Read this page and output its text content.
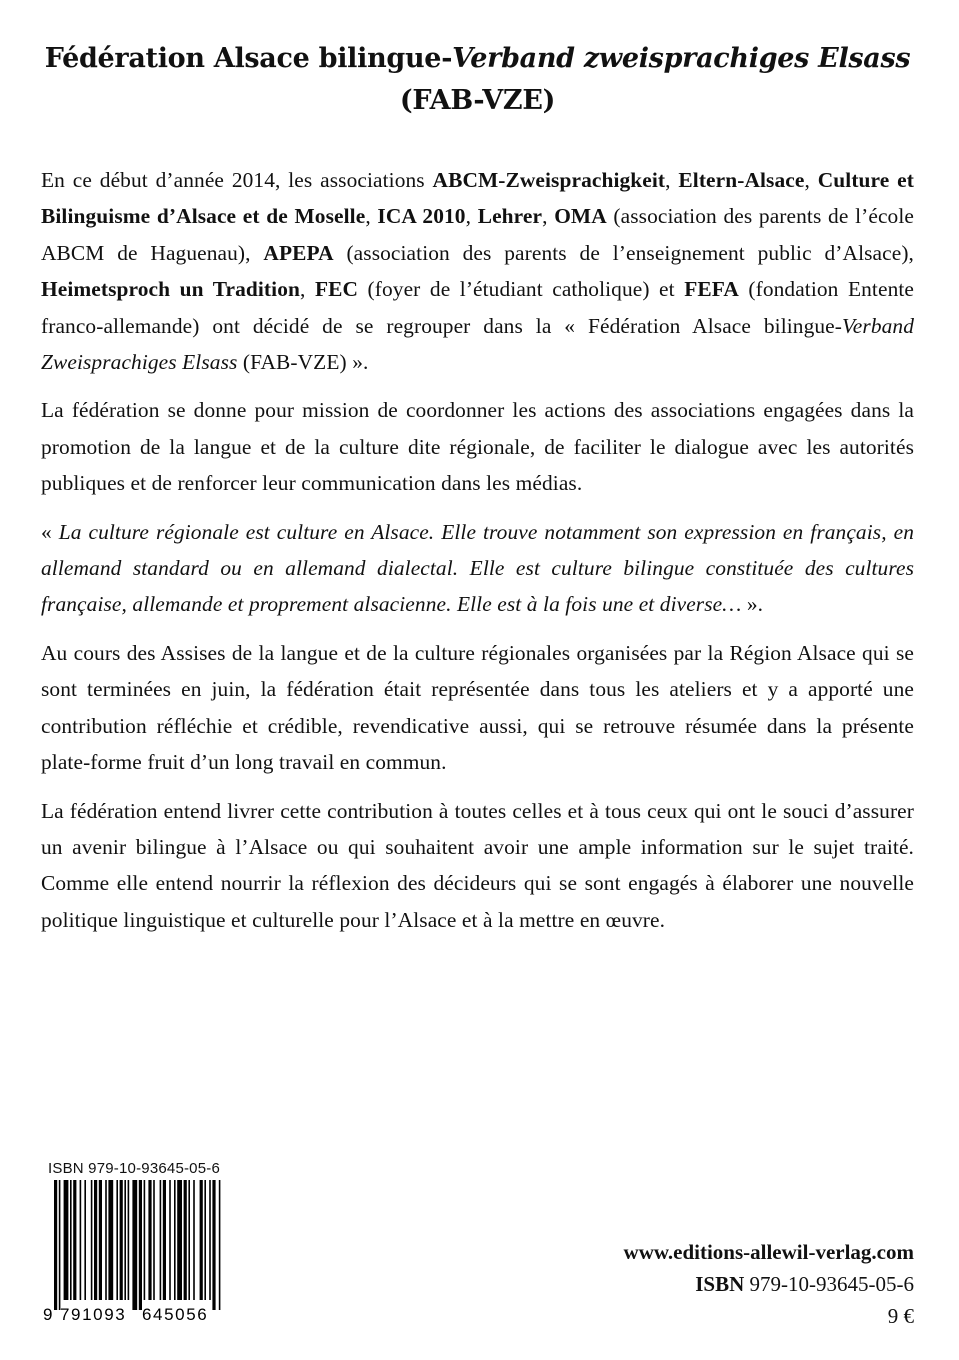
Fédération Alsace bilingue-Verband zweisprachiges Elsass
(FAB-VZE)

En ce début d’année 2014, les associations ABCM-Zweisprachigkeit, Eltern-Alsace, Culture et Bilinguisme d’Alsace et de Moselle, ICA 2010, Lehrer, OMA (association des parents de l’école ABCM de Haguenau), APEPA (association des parents de l’enseignement public d’Alsace), Heimetsproch un Tradition, FEC (foyer de l’étudiant catholique) et FEFA (fondation Entente franco-allemande) ont décidé de se regrouper dans la « Fédération Alsace bilingue-Verband Zweisprachiges Elsass (FAB-VZE) ».

La fédération se donne pour mission de coordonner les actions des associations engagées dans la promotion de la langue et de la culture dite régionale, de faciliter le dialogue avec les autorités publiques et de renforcer leur communication dans les médias.

« La culture régionale est culture en Alsace. Elle trouve notamment son expression en français, en allemand standard ou en allemand dialectal. Elle est culture bilingue constituée des cultures française, allemande et proprement alsacienne. Elle est à la fois une et diverse… ».

Au cours des Assises de la langue et de la culture régionales organisées par la Région Alsace qui se sont terminées en juin, la fédération était représentée dans tous les ateliers et y a apporté une contribution réfléchie et crédible, revendicative aussi, qui se retrouve résumée dans la présente plate-forme fruit d’un long travail en commun.

La fédération entend livrer cette contribution à toutes celles et à tous ceux qui ont le souci d’assurer un avenir bilingue à l’Alsace ou qui souhaitent avoir une ample information sur le sujet traité. Comme elle entend nourrir la réflexion des décideurs qui se sont engagés à élaborer une nouvelle politique linguistique et culturelle pour l’Alsace et à la mettre en œuvre.

ISBN 979-10-93645-05-6
9 791093 645056
www.editions-allewil-verlag.com
ISBN 979-10-93645-05-6
9 €
